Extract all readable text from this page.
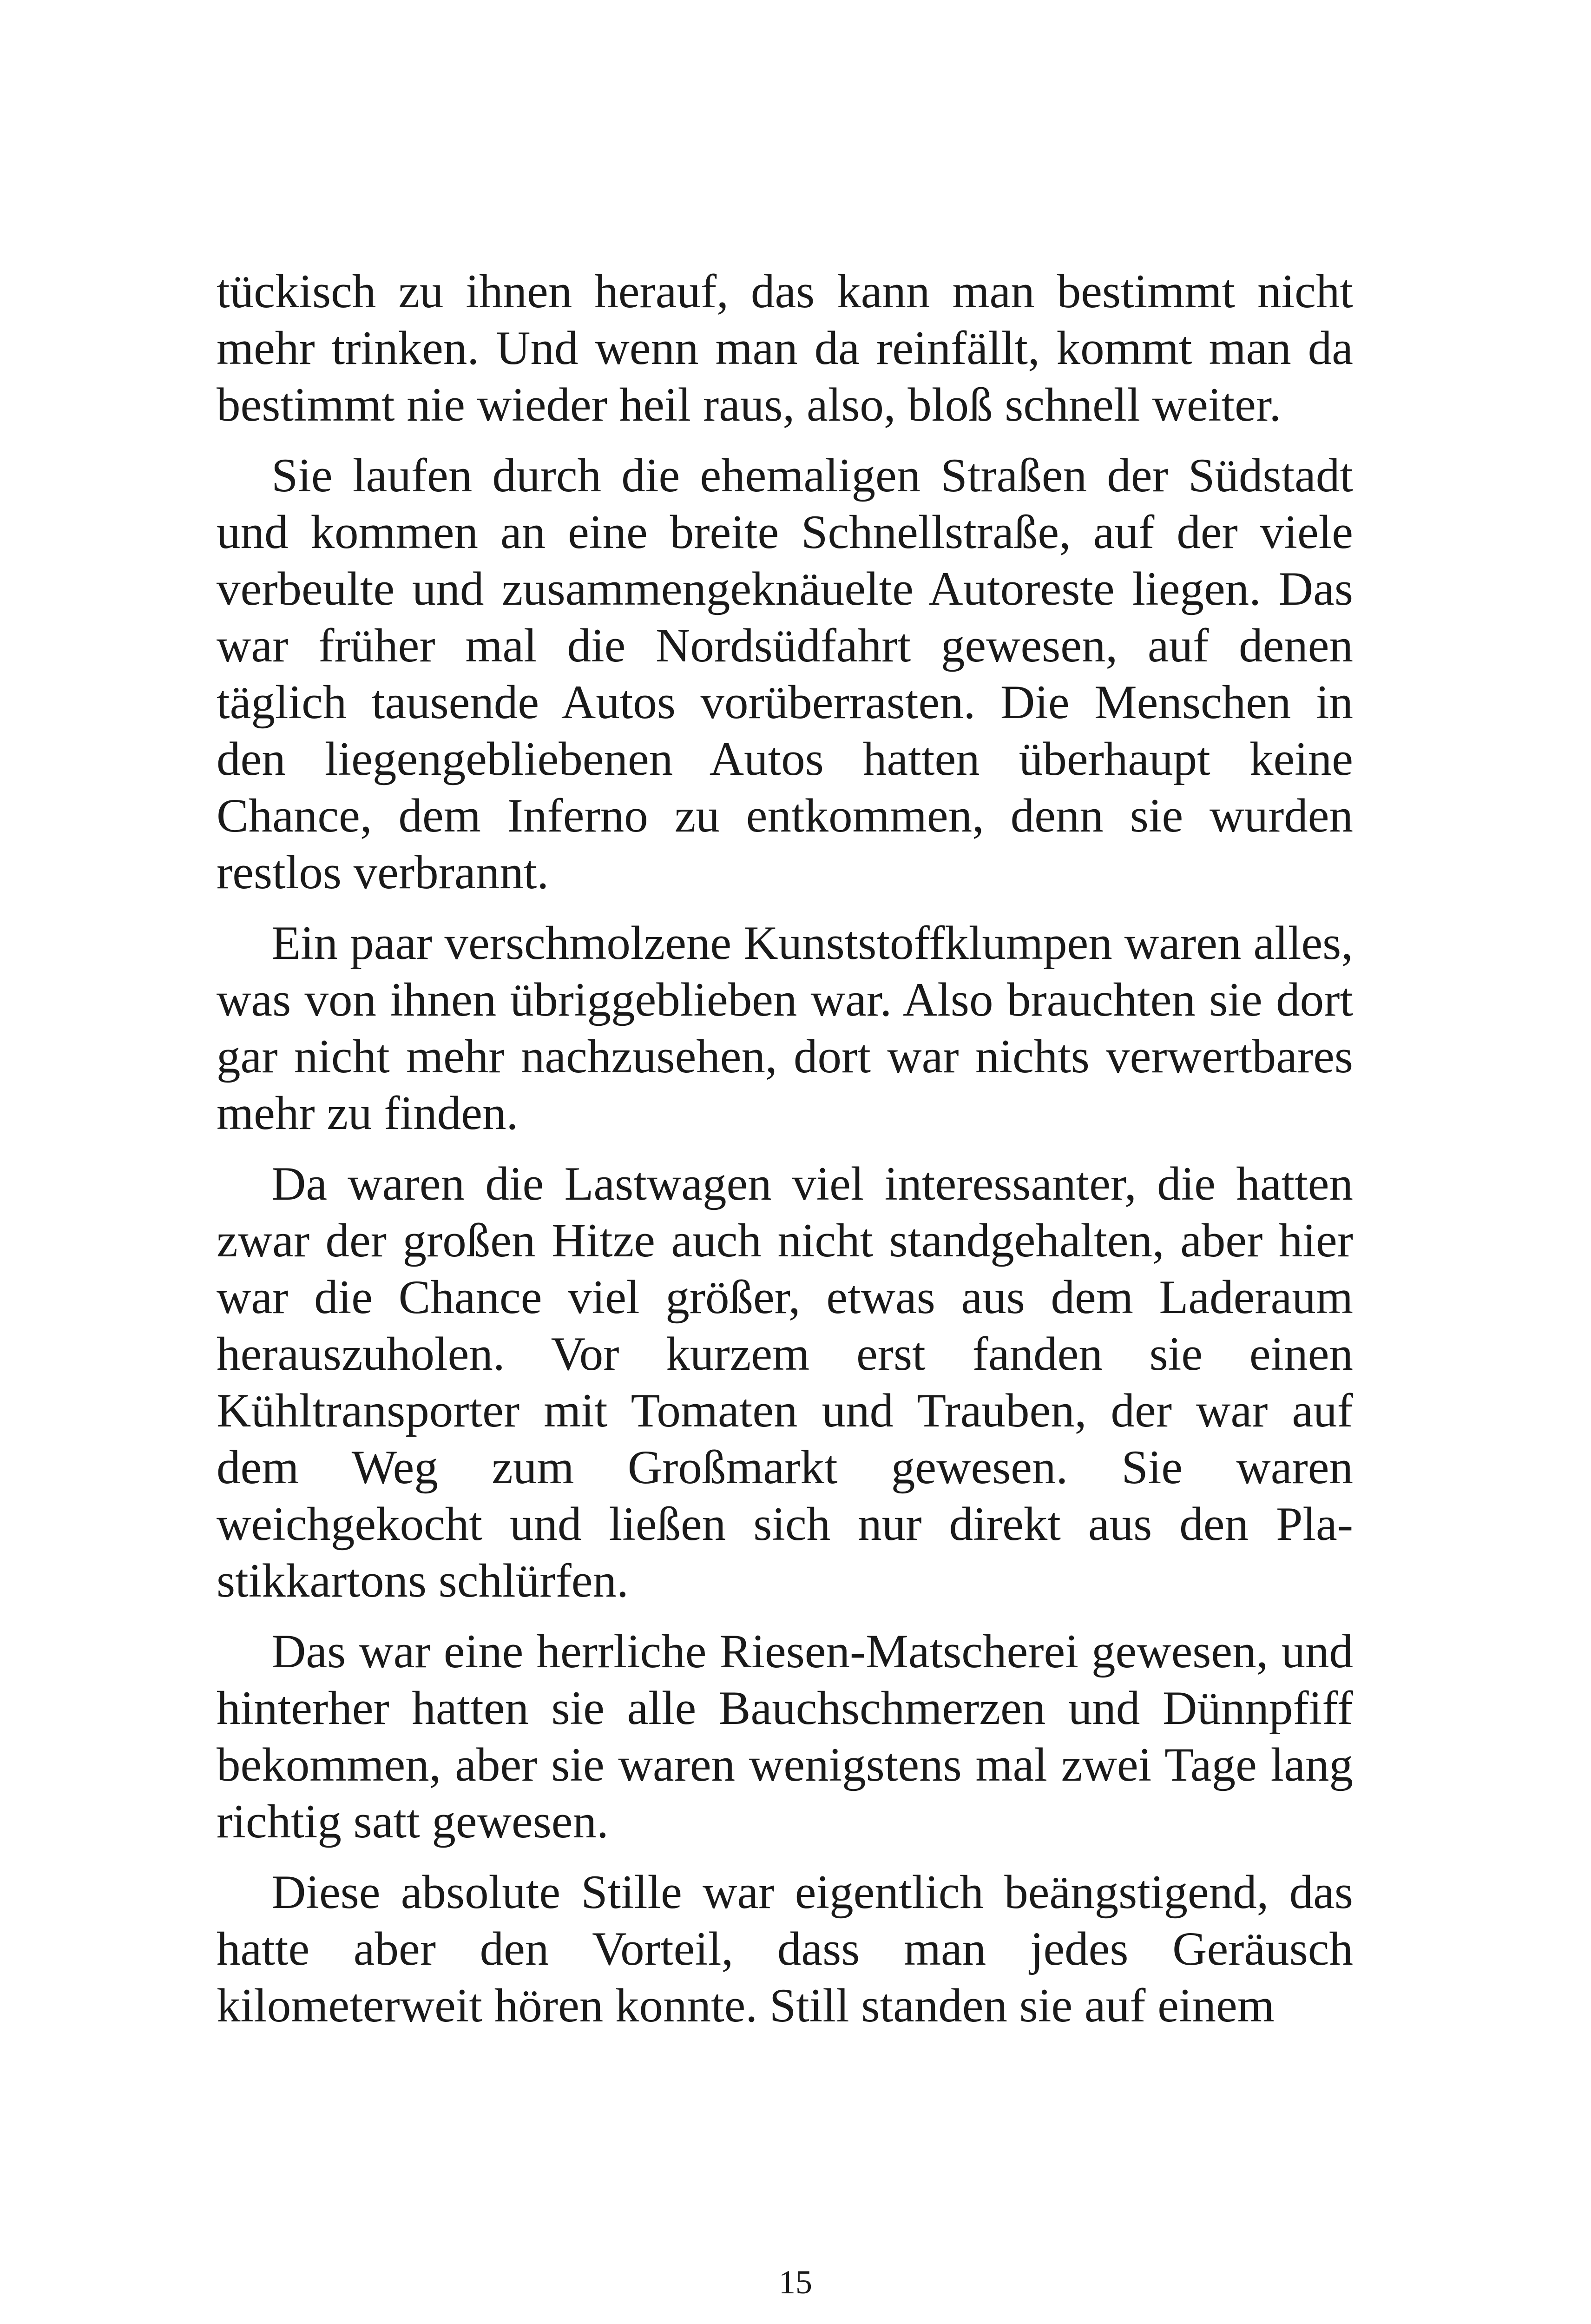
tückisch zu ihnen herauf, das kann man bestimmt nicht mehr trinken. Und wenn man da reinfällt, kommt man da bestimmt nie wieder heil raus, also, bloß schnell weiter.

Sie laufen durch die ehemaligen Straßen der Südstadt und kommen an eine breite Schnellstraße, auf der viele verbeulte und zusammengeknäuelte Autoreste liegen. Das war früher mal die Nordsüdfahrt gewesen, auf denen täglich tausende Autos vorüberrasten. Die Menschen in den liegengebliebenen Autos hatten überhaupt keine Chance, dem Inferno zu entkommen, denn sie wurden restlos verbrannt.

Ein paar verschmolzene Kunststoffklumpen waren alles, was von ihnen übriggeblieben war. Also brauchten sie dort gar nicht mehr nachzusehen, dort war nichts verwertbares mehr zu finden.

Da waren die Lastwagen viel interessanter, die hatten zwar der großen Hitze auch nicht standgehalten, aber hier war die Chance viel größer, etwas aus dem Laderaum herauszuholen. Vor kurzem erst fanden sie einen Kühltransporter mit Tomaten und Trauben, der war auf dem Weg zum Großmarkt gewesen. Sie waren weichgekocht und ließen sich nur direkt aus den Plastikkartons schlürfen.

Das war eine herrliche Riesen-Matscherei gewesen, und hinterher hatten sie alle Bauchschmerzen und Dünnpfiff bekommen, aber sie waren wenigstens mal zwei Tage lang richtig satt gewesen.

Diese absolute Stille war eigentlich beängstigend, das hatte aber den Vorteil, dass man jedes Geräusch kilometerweit hören konnte. Still standen sie auf einem

15
